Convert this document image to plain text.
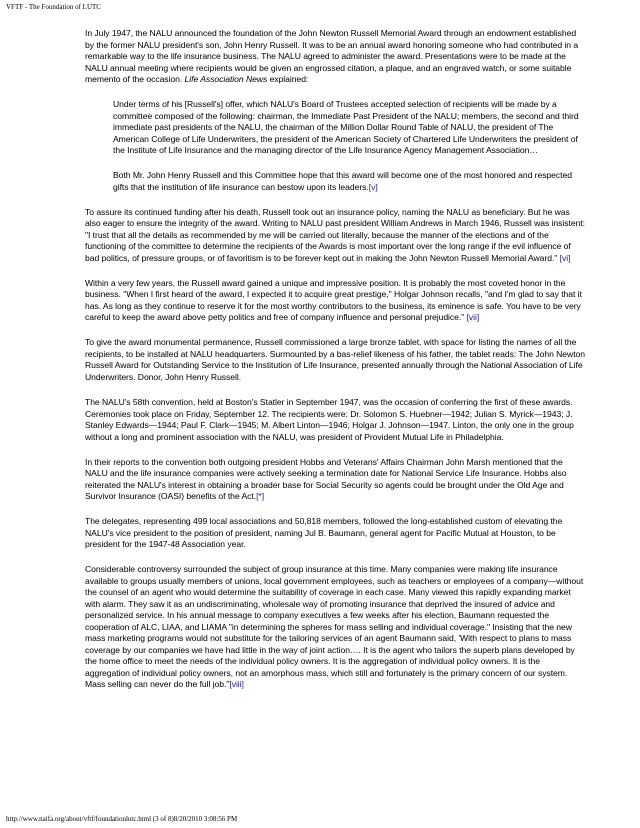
VFTF - The Foundation of LUTC

In July 1947, the NALU announced the foundation of the John Newton Russell Memorial Award through an endowment established by the former NALU president's son, John Henry Russell. It was to be an annual award honoring someone who had contributed in a remarkable way to the life insurance business. The NALU agreed to administer the award. Presentations were to be made at the NALU annual meeting where recipients would be given an engrossed citation, a plaque, and an engraved watch, or some suitable memento of the occasion. Life Association News explained:

Under terms of his [Russell's] offer, which NALU's Board of Trustees accepted selection of recipients will be made by a committee composed of the following: chairman, the Immediate Past President of the NALU; members, the second and third immediate past presidents of the NALU, the chairman of the Million Dollar Round Table of NALU, the president of The American College of Life Underwriters, the president of the American Society of Chartered Life Underwriters the president of the Institute of Life Insurance and the managing director of the Life Insurance Agency Management Association…

Both Mr. John Henry Russell and this Committee hope that this award will become one of the most honored and respected gifts that the institution of life insurance can bestow upon its leaders.[v]

To assure its continued funding after his death, Russell took out an insurance policy, naming the NALU as beneficiary. But he was also eager to ensure the integrity of the award. Writing to NALU past president William Andrews in March 1946, Russell was insistent: "I trust that all the details as recommended by me will be carried out literally, because the manner of the elections and of the functioning of the committee to determine the recipients of the Awards is most important over the long range if the evil influence of bad politics, of pressure groups, or of favoritism is to be forever kept out in making the John Newton Russell Memorial Award." [vi]

Within a very few years, the Russell award gained a unique and impressive position. It is probably the most coveted honor in the business. "When I first heard of the award, I expected it to acquire great prestige," Holgar Johnson recalls, "and I'm glad to say that it has. As long as they continue to reserve it for the most worthy contributors to the business, its eminence is safe. You have to be very careful to keep the award above petty politics and free of company influence and personal prejudice." [vii]

To give the award monumental permanence, Russell commissioned a large bronze tablet, with space for listing the names of all the recipients, to be installed at NALU headquarters. Surmounted by a bas-relief likeness of his father, the tablet reads: The John Newton Russell Award for Outstanding Service to the Institution of Life Insurance, presented annually through the National Association of Life Underwriters. Donor, John Henry Russell.

The NALU's 58th convention, held at Boston's Statler in September 1947, was the occasion of conferring the first of these awards. Ceremonies took place on Friday, September 12. The recipients were: Dr. Solomon S. Huebner—1942; Julian S. Myrick—1943; J. Stanley Edwards—1944; Paul F. Clark—1945; M. Albert Linton—1946; Holgar J. Johnson—1947. Linton, the only one in the group without a long and prominent association with the NALU, was president of Provident Mutual Life in Philadelphia.

In their reports to the convention both outgoing president Hobbs and Veterans' Affairs Chairman John Marsh mentioned that the NALU and the life insurance companies were actively seeking a termination date for National Service Life Insurance. Hobbs also reiterated the NALU's interest in obtaining a broader base for Social Security so agents could be brought under the Old Age and Survivor Insurance (OASI) benefits of the Act.[*]

The delegates, representing 499 local associations and 50,818 members, followed the long-established custom of elevating the NALU's vice president to the position of president, naming Jul B. Baumann, general agent for Pacific Mutual at Houston, to be president for the 1947-48 Association year.

Considerable controversy surrounded the subject of group insurance at this time. Many companies were making life insurance available to groups usually members of unions, local government employees, such as teachers or employees of a company—without the counsel of an agent who would determine the suitability of coverage in each case. Many viewed this rapidly expanding market with alarm. They saw it as an undiscriminating, wholesale way of promoting insurance that deprived the insured of advice and personalized service. In his annual message to company executives a few weeks after his election, Baumann requested the cooperation of ALC, LIAA, and LIAMA "in determining the spheres for mass selling and individual coverage." Insisting that the new mass marketing programs would not substitute for the tailoring services of an agent Baumann said, 'With respect to plans to mass coverage by our companies we have had little in the way of joint action…. It is the agent who tailors the superb plans developed by the home office to meet the needs of the individual policy owners. It is the aggregation of individual policy owners. It is the aggregation of individual policy owners, not an amorphous mass, which still and fortunately is the primary concern of our system. Mass selling can never do the full job."[viii]

http://www.naifa.org/about/vftf/foundationlutc.html (3 of 8)8/20/2010 3:08:56 PM
